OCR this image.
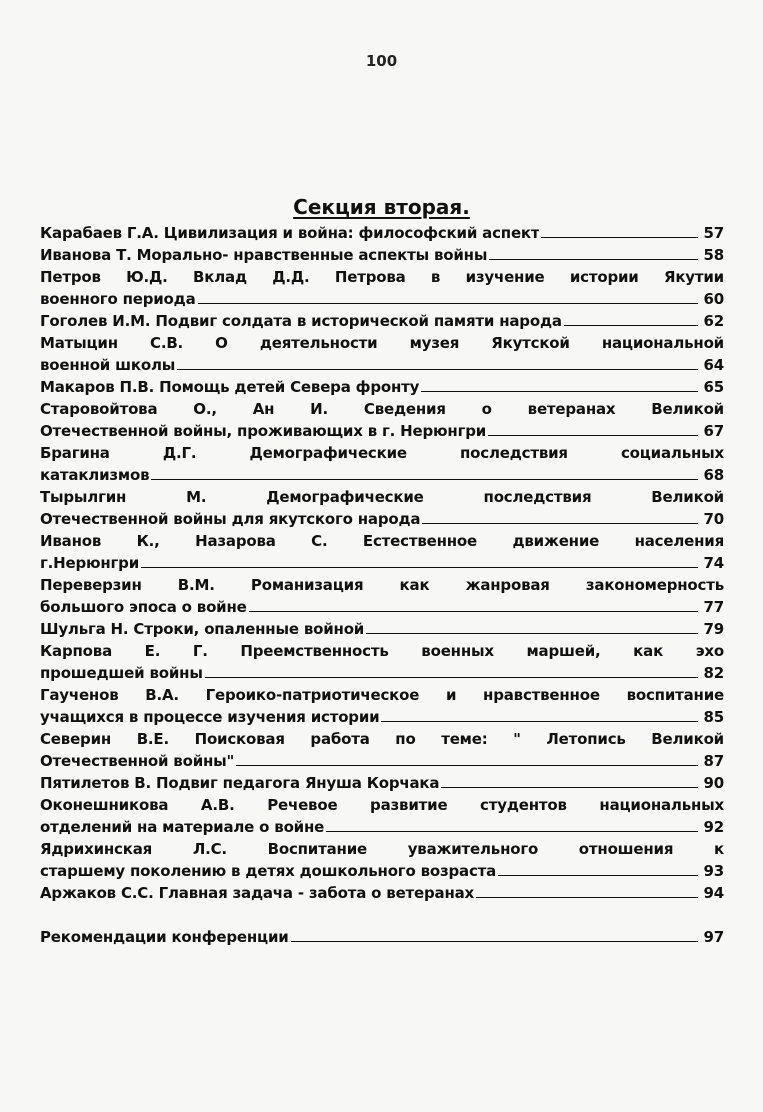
100
Секция вторая.
Карабаев Г.А. Цивилизация и война: философский аспект	57
Иванова Т. Морально- нравственные аспекты войны	58
Петров Ю.Д. Вклад Д.Д. Петрова в изучение истории Якутии
военного периода	60
Гоголев И.М. Подвиг солдата в исторической памяти народа	62
Матыцин С.В. О деятельности музея Якутской национальной
военной школы	64
Макаров П.В. Помощь детей Севера фронту	65
Старовойтова О., Ан И. Сведения о ветеранах Великой
Отечественной войны, проживающих в г. Нерюнгри	67
Брагина Д.Г. Демографические последствия социальных
катаклизмов	68
Тырылгин М. Демографические последствия Великой
Отечественной войны для якутского народа	70
Иванов К., Назарова С. Естественное движение населения
г.Нерюнгри	74
Переверзин В.М. Романизация как жанровая закономерность
большого эпоса о войне	77
Шульга Н. Строки, опаленные войной	79
Карпова Е. Г. Преемственность военных маршей, как эхо
прошедшей войны	82
Гаученов В.А. Героико-патриотическое и нравственное воспитание
учащихся в процессе изучения истории	85
Северин В.Е. Поисковая работа по теме: " Летопись Великой
Отечественной войны"	87
Пятилетов В. Подвиг педагога Януша Корчака	90
Оконешникова А.В. Речевое развитие студентов национальных
отделений на материале о войне	92
Ядрихинская Л.С. Воспитание уважительного отношения к
старшему поколению в детях дошкольного возраста	93
Аржаков С.С. Главная задача - забота о ветеранах	94
Рекомендации конференции	97
